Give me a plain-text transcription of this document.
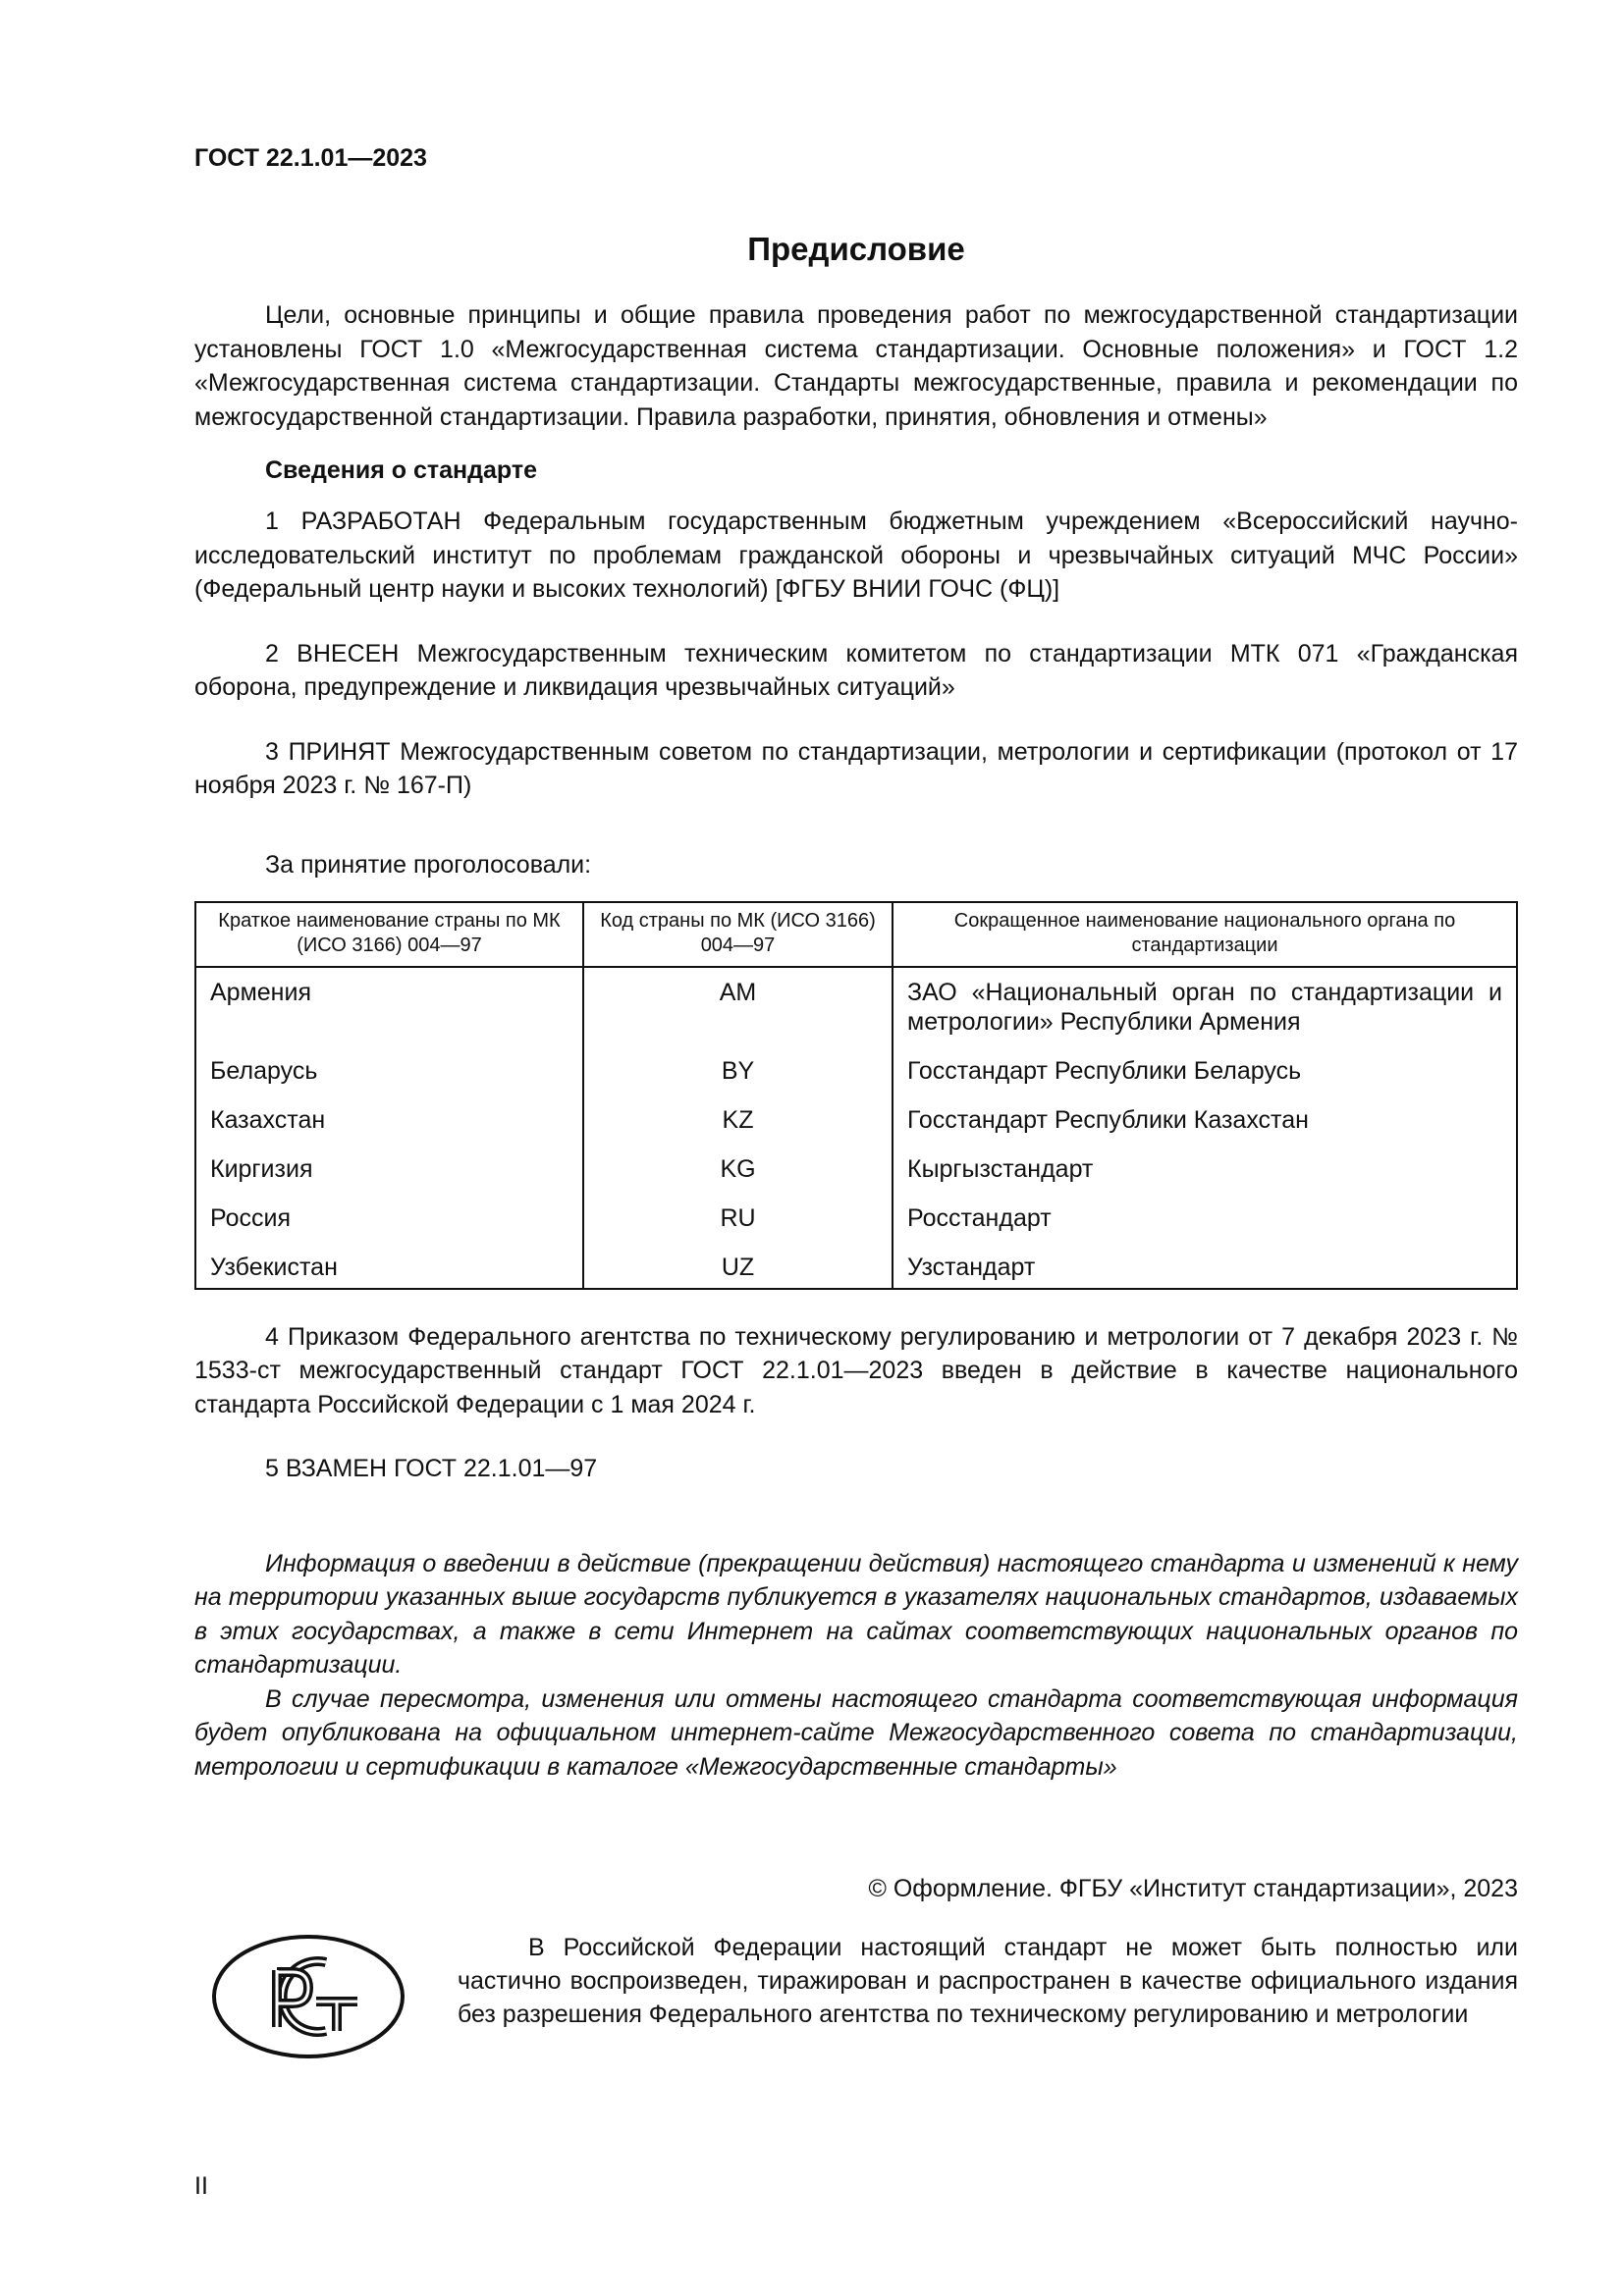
ГОСТ 22.1.01—2023
Предисловие

Цели, основные принципы и общие правила проведения работ по межгосударственной стандартизации установлены ГОСТ 1.0 «Межгосударственная система стандартизации. Основные положения» и ГОСТ 1.2 «Межгосударственная система стандартизации. Стандарты межгосударственные, правила и рекомендации по межгосударственной стандартизации. Правила разработки, принятия, обновления и отмены»

Сведения о стандарте

1 РАЗРАБОТАН Федеральным государственным бюджетным учреждением «Всероссийский научно-исследовательский институт по проблемам гражданской обороны и чрезвычайных ситуаций МЧС России» (Федеральный центр науки и высоких технологий) [ФГБУ ВНИИ ГОЧС (ФЦ)]

2 ВНЕСЕН Межгосударственным техническим комитетом по стандартизации МТК 071 «Гражданская оборона, предупреждение и ликвидация чрезвычайных ситуаций»

3 ПРИНЯТ Межгосударственным советом по стандартизации, метрологии и сертификации (протокол от 17 ноября 2023 г. № 167-П)

За принятие проголосовали:
Краткое наименование страны по МК (ИСО 3166) 004—97	Код страны по МК (ИСО 3166) 004—97	Сокращенное наименование национального органа по стандартизации
Армения	AM	ЗАО «Национальный орган по стандартизации и метрологии» Республики Армения
Беларусь	BY	Госстандарт Республики Беларусь
Казахстан	KZ	Госстандарт Республики Казахстан
Киргизия	KG	Кыргызстандарт
Россия	RU	Росстандарт
Узбекистан	UZ	Узстандарт

4 Приказом Федерального агентства по техническому регулированию и метрологии от 7 декабря 2023 г. № 1533-ст межгосударственный стандарт ГОСТ 22.1.01—2023 введен в действие в качестве национального стандарта Российской Федерации с 1 мая 2024 г.

5 ВЗАМЕН ГОСТ 22.1.01—97

Информация о введении в действие (прекращении действия) настоящего стандарта и изменений к нему на территории указанных выше государств публикуется в указателях национальных стандартов, издаваемых в этих государствах, а также в сети Интернет на сайтах соответствующих национальных органов по стандартизации.

В случае пересмотра, изменения или отмены настоящего стандарта соответствующая информация будет опубликована на официальном интернет-сайте Межгосударственного совета по стандартизации, метрологии и сертификации в каталоге «Межгосударственные стандарты»

© Оформление. ФГБУ «Институт стандартизации», 2023

В Российской Федерации настоящий стандарт не может быть полностью или частично воспроизведен, тиражирован и распространен в качестве официального издания без разрешения Федерального агентства по техническому регулированию и метрологии

II
